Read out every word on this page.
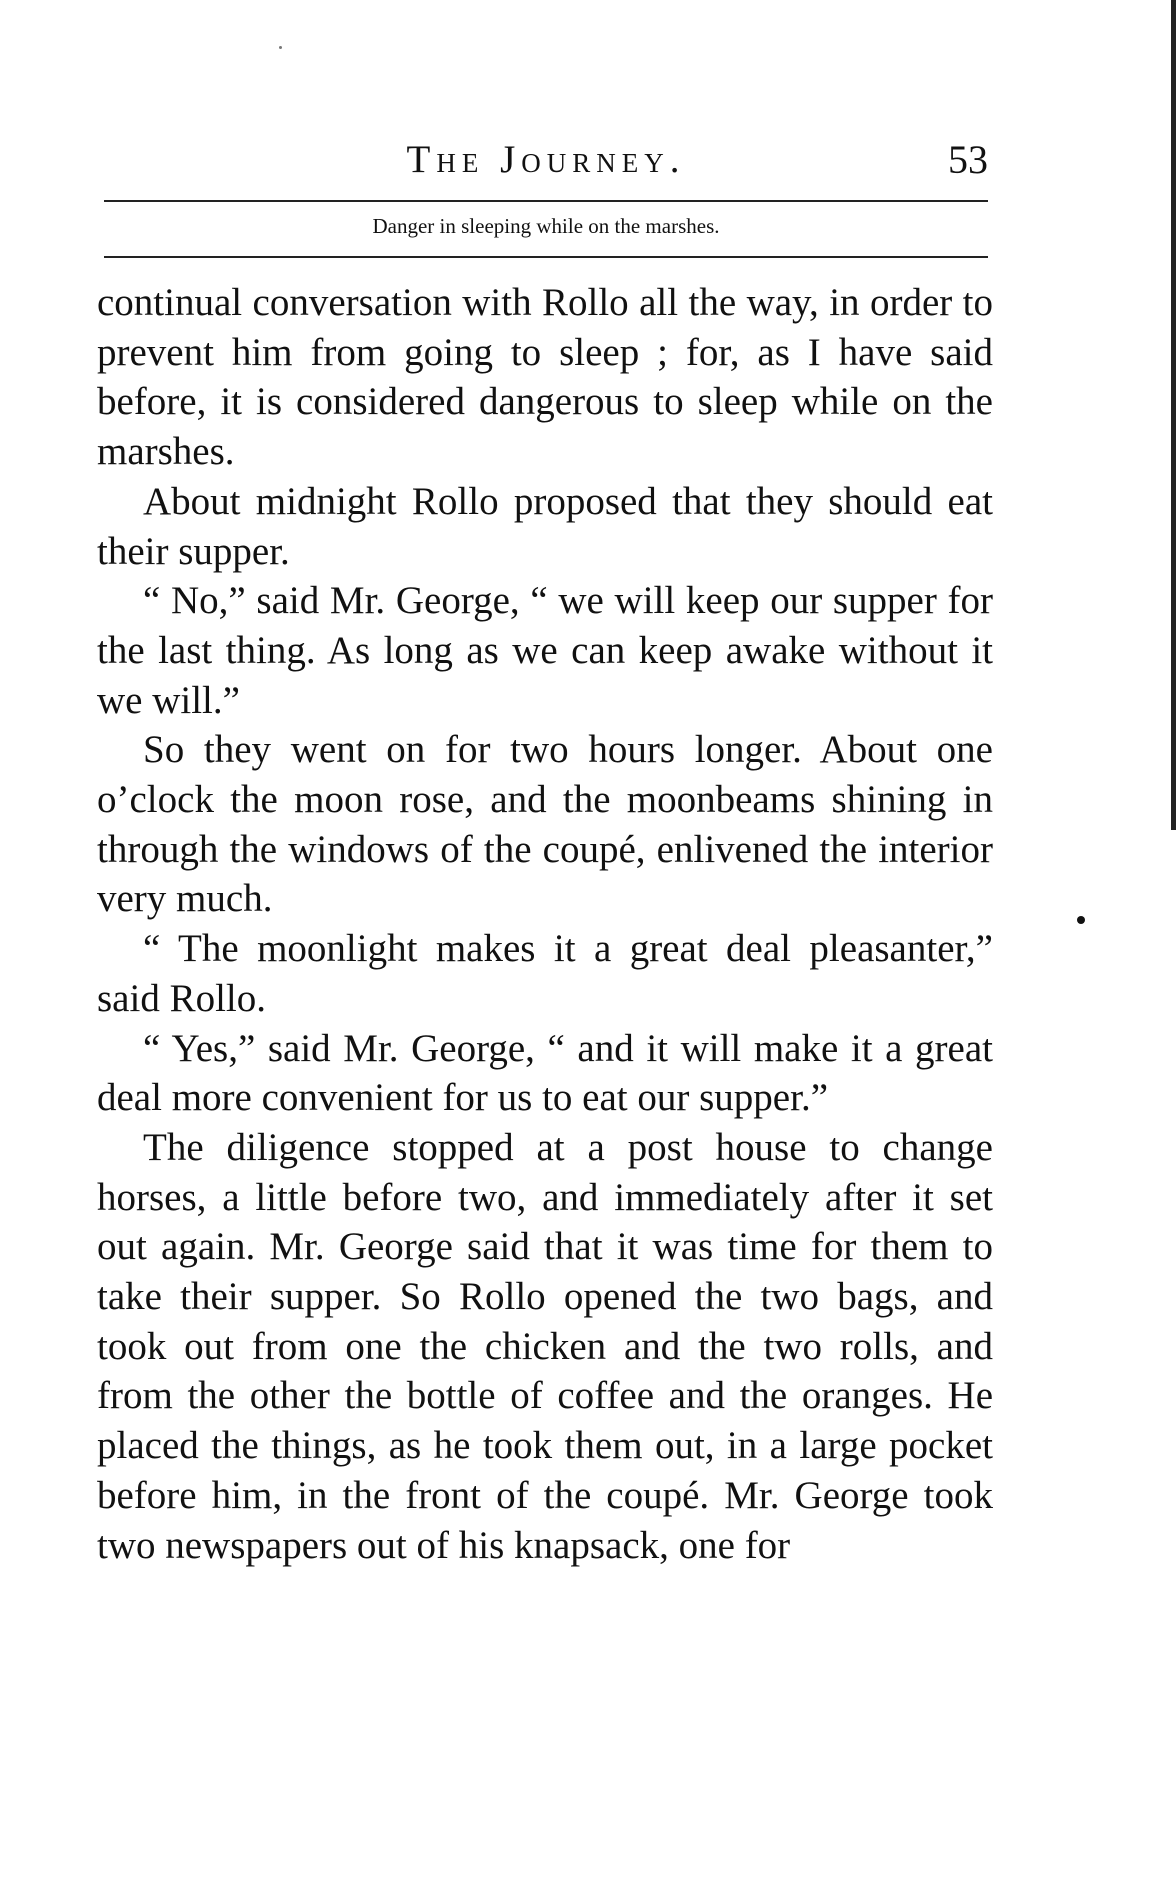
The Journey.	53
Danger in sleeping while on the marshes.

continual conversation with Rollo all the way, in order to prevent him from going to sleep ; for, as I have said before, it is considered dangerous to sleep while on the marshes.

About midnight Rollo proposed that they should eat their supper.

“ No,” said Mr. George, “ we will keep our supper for the last thing. As long as we can keep awake without it we will.”

So they went on for two hours longer. About one o’clock the moon rose, and the moonbeams shining in through the windows of the coupé, enlivened the interior very much.

“ The moonlight makes it a great deal pleasanter,” said Rollo.

“ Yes,” said Mr. George, “ and it will make it a great deal more convenient for us to eat our supper.”

The diligence stopped at a post house to change horses, a little before two, and immediately after it set out again. Mr. George said that it was time for them to take their supper. So Rollo opened the two bags, and took out from one the chicken and the two rolls, and from the other the bottle of coffee and the oranges. He placed the things, as he took them out, in a large pocket before him, in the front of the coupé. Mr. George took two newspapers out of his knapsack, one for
